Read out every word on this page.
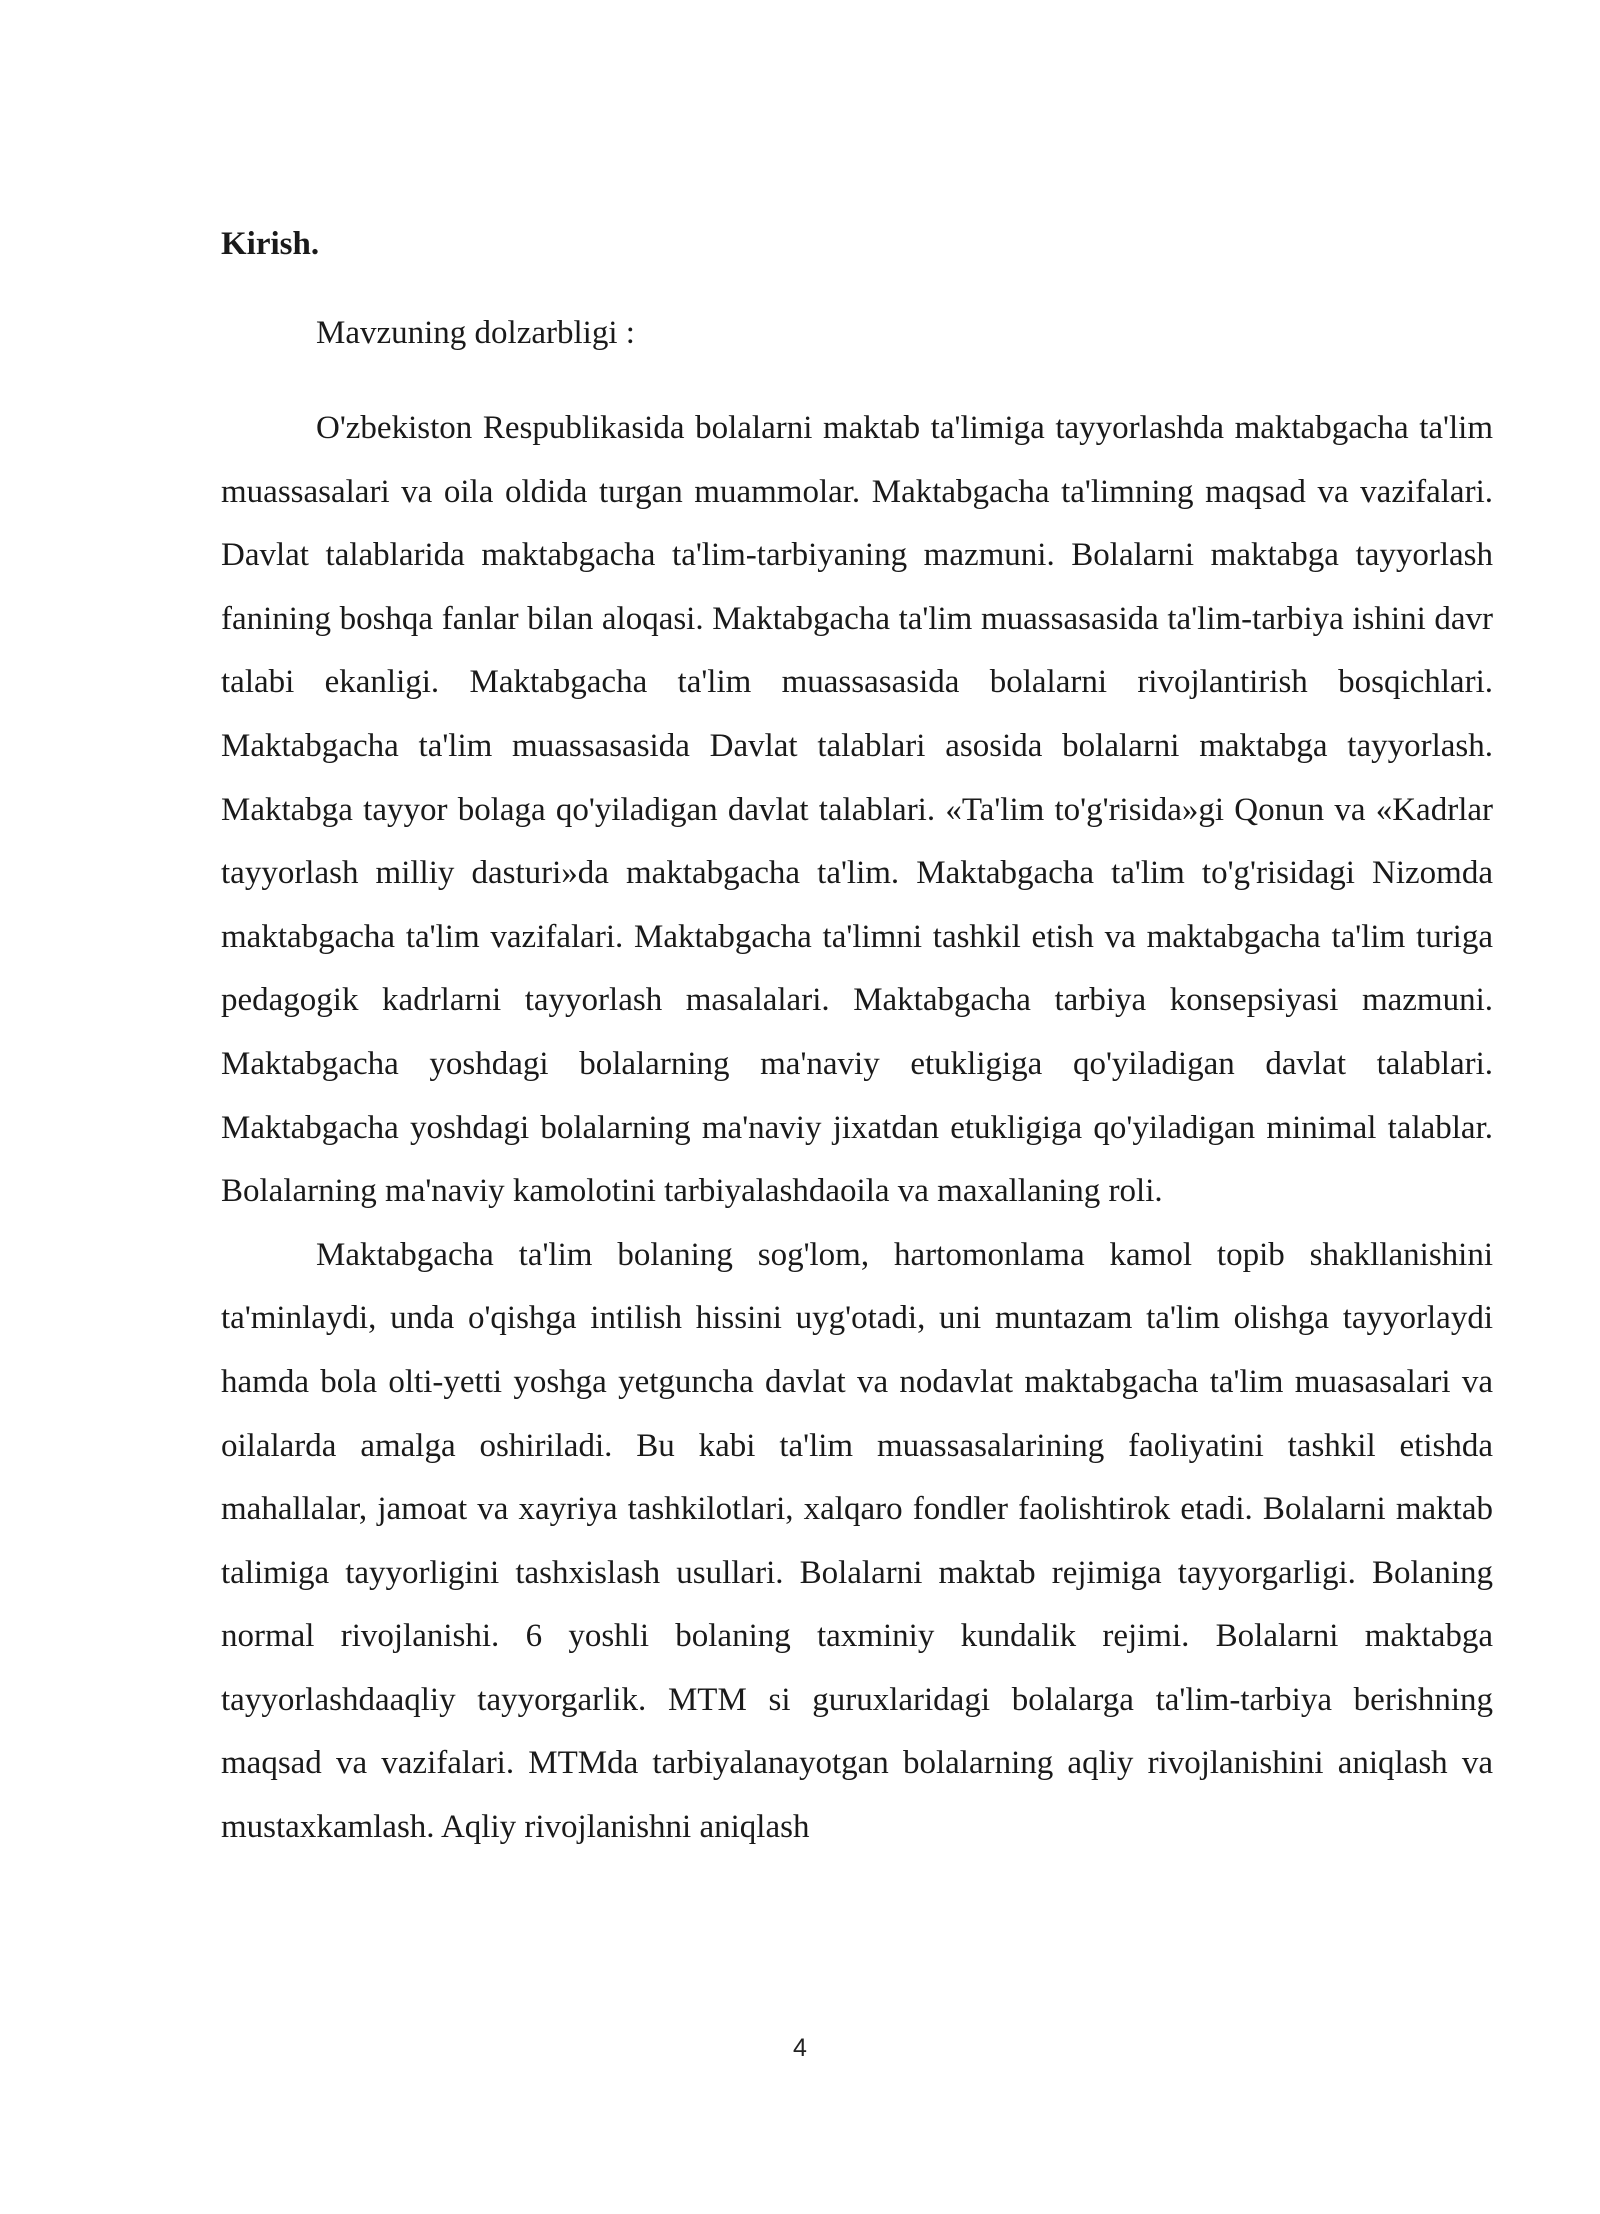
Kirish.
Mavzuning dolzarbligi :

O'zbekiston Respublikasida bolalarni maktab ta'limiga tayyorlashda maktabgacha ta'lim muassasalari va oila oldida turgan muammolar. Maktabgacha ta'limning maqsad va vazifalari. Davlat talablarida maktabgacha ta'lim-tarbiyaning mazmuni. Bolalarni maktabga tayyorlash fanining boshqa fanlar bilan aloqasi. Maktabgacha ta'lim muassasasida ta'lim-tarbiya ishini davr talabi ekanligi. Maktabgacha ta'lim muassasasida bolalarni rivojlantirish bosqichlari. Maktabgacha ta'lim muassasasida Davlat talablari asosida bolalarni maktabga tayyorlash. Maktabga tayyor bolaga qo'yiladigan davlat talablari. «Ta'lim to'g'risida»gi Qonun va «Kadrlar tayyorlash milliy dasturi»da maktabgacha ta'lim. Maktabgacha ta'lim to'g'risidagi Nizomda maktabgacha ta'lim vazifalari. Maktabgacha ta'limni tashkil etish va maktabgacha ta'lim turiga pedagogik kadrlarni tayyorlash masalalari. Maktabgacha tarbiya konsepsiyasi mazmuni. Maktabgacha yoshdagi bolalarning ma'naviy etukligiga qo'yiladigan davlat talablari. Maktabgacha yoshdagi bolalarning ma'naviy jixatdan etukligiga qo'yiladigan minimal talablar. Bolalarning ma'naviy kamolotini tarbiyalashdaoila va maxallaning roli.

Maktabgacha ta'lim bolaning sog'lom, hartomonlama kamol topib shakllanishini ta'minlaydi, unda o'qishga intilish hissini uyg'otadi, uni muntazam ta'lim olishga tayyorlaydi hamda bola olti-yetti yoshga yetguncha davlat va nodavlat maktabgacha ta'lim muasasalari va oilalarda amalga oshiriladi. Bu kabi ta'lim muassasalarining faoliyatini tashkil etishda mahallalar, jamoat va xayriya tashkilotlari, xalqaro fondler faolishtirok etadi. Bolalarni maktab talimiga tayyorligini tashxislash usullari. Bolalarni maktab rejimiga tayyorgarligi. Bolaning normal rivojlanishi. 6 yoshli bolaning taxminiy kundalik rejimi. Bolalarni maktabga tayyorlashdaaqliy tayyorgarlik. MTM si guruxlaridagi bolalarga ta'lim-tarbiya berishning maqsad va vazifalari. MTMda tarbiyalanayotgan bolalarning aqliy rivojlanishini aniqlash va mustaxkamlash. Aqliy rivojlanishni aniqlash

4
